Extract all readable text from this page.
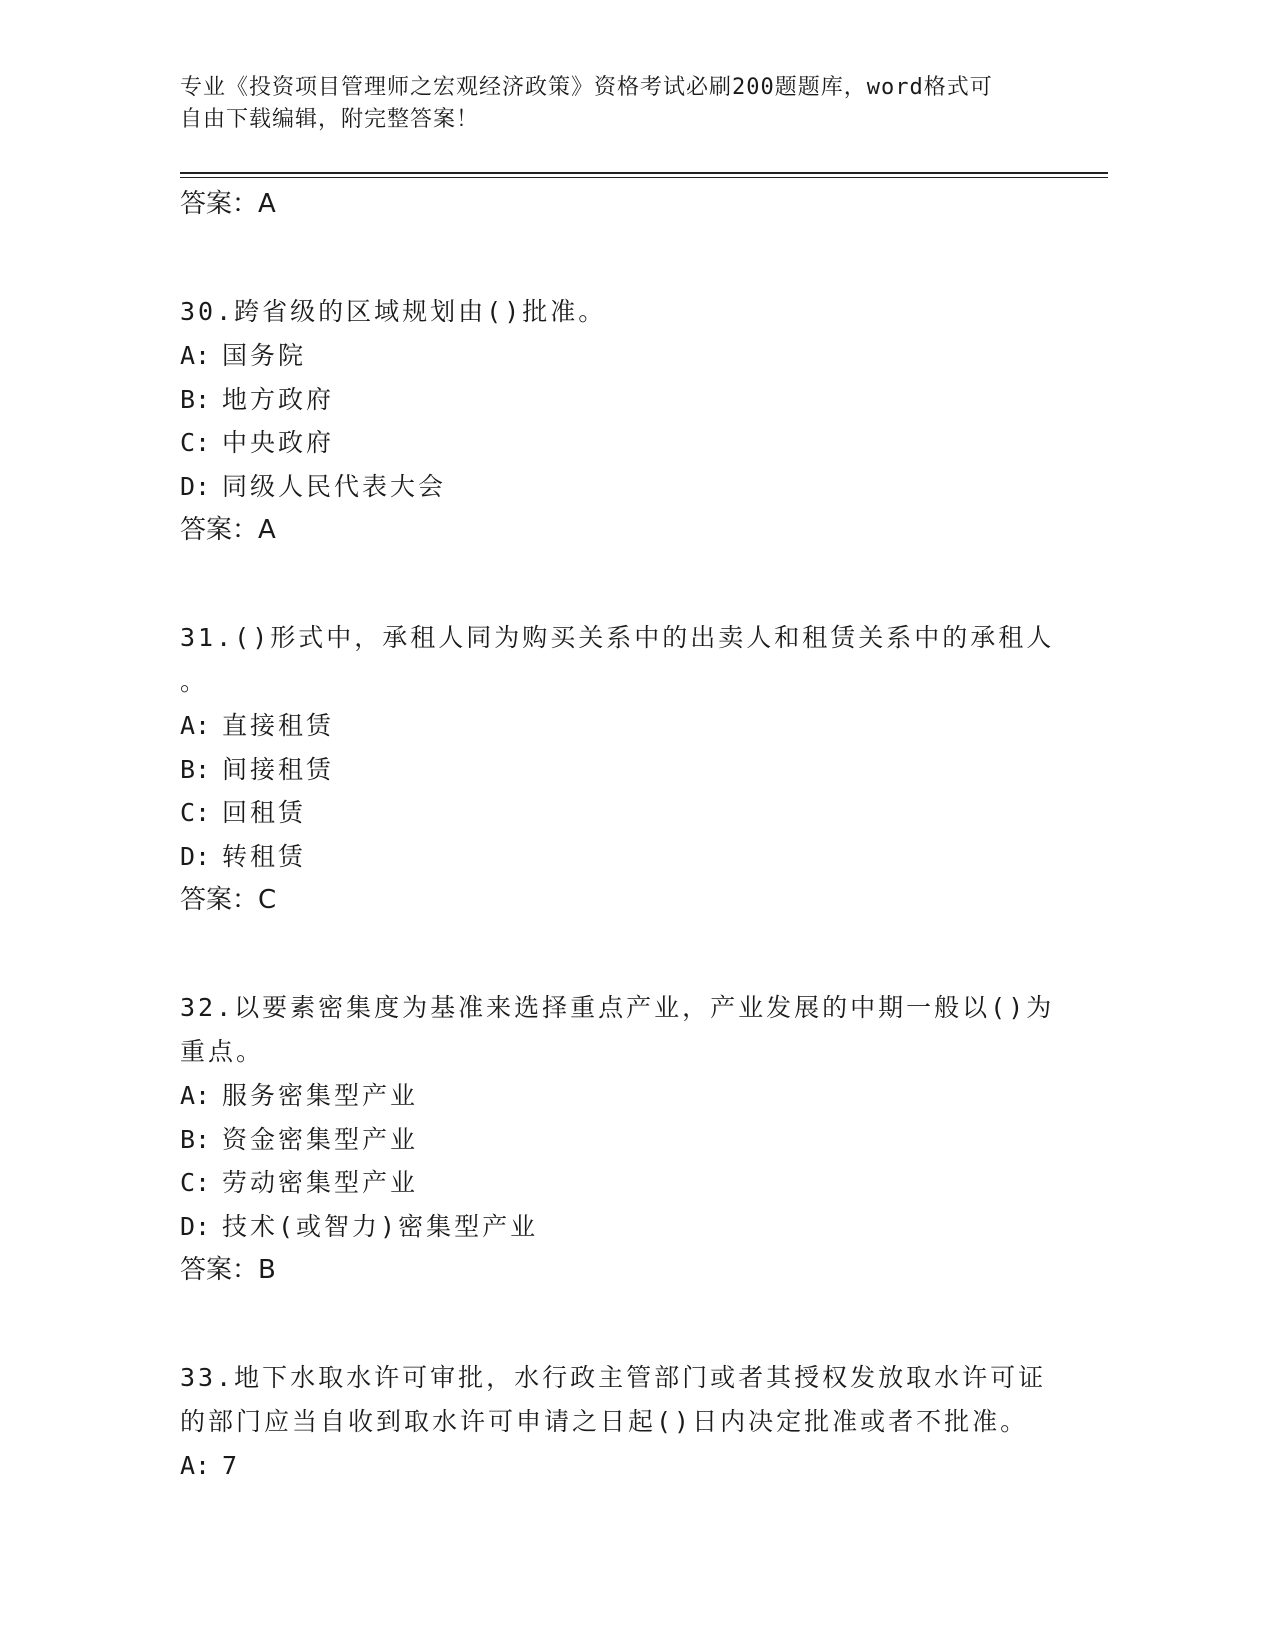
专业《投资项目管理师之宏观经济政策》资格考试必刷200题题库，word格式可
自由下载编辑，附完整答案！
答案：A
30.跨省级的区域规划由()批准。
A: 国务院
B: 地方政府
C: 中央政府
D: 同级人民代表大会
答案：A
31.()形式中，承租人同为购买关系中的出卖人和租赁关系中的承租人
。
A: 直接租赁
B: 间接租赁
C: 回租赁
D: 转租赁
答案：C
32.以要素密集度为基准来选择重点产业，产业发展的中期一般以()为
重点。
A: 服务密集型产业
B: 资金密集型产业
C: 劳动密集型产业
D: 技术(或智力)密集型产业
答案：B
33.地下水取水许可审批，水行政主管部门或者其授权发放取水许可证
的部门应当自收到取水许可申请之日起()日内决定批准或者不批准。
A: 7
